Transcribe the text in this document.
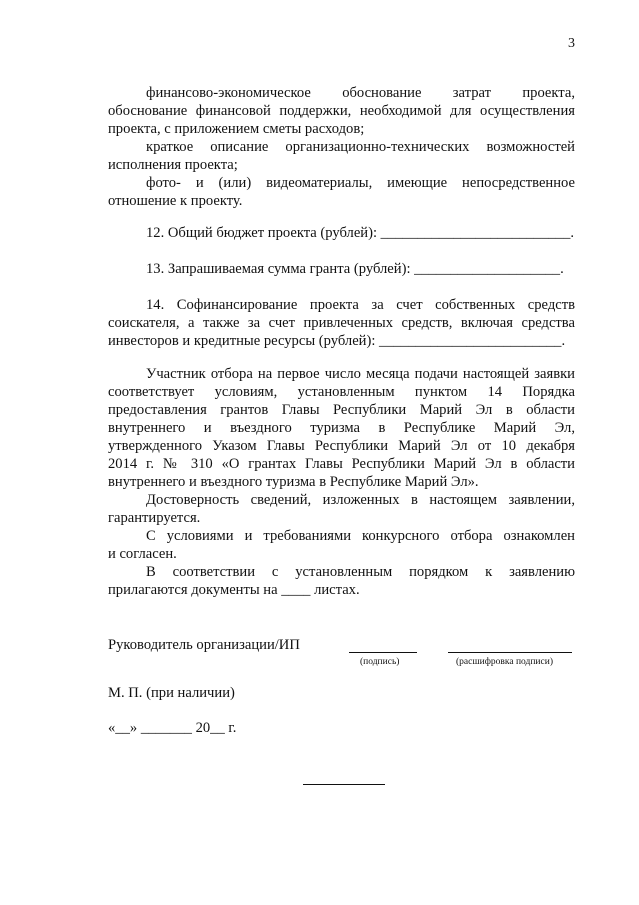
3

финансово-экономическое обоснование затрат проекта,

обоснование финансовой поддержки, необходимой для осуществления

проекта, с приложением сметы расходов;

краткое описание организационно-технических возможностей

исполнения проекта;

фото- и (или) видеоматериалы, имеющие непосредственное

отношение к проекту.

12. Общий бюджет проекта (рублей): __________________________.

13. Запрашиваемая сумма гранта (рублей): ____________________.

14. Софинансирование проекта за счет собственных средств

соискателя, а также за счет привлеченных средств, включая средства

инвесторов и кредитные ресурсы (рублей): _________________________.

Участник отбора на первое число месяца подачи настоящей заявки

соответствует условиям, установленным пунктом 14 Порядка

предоставления грантов Главы Республики Марий Эл в области

внутреннего и въездного туризма в Республике Марий Эл,

утвержденного Указом Главы Республики Марий Эл от 10 декабря

2014 г. № 310 «О грантах Главы Республики Марий Эл в области

внутреннего и въездного туризма в Республике Марий Эл».

Достоверность сведений, изложенных в настоящем заявлении,

гарантируется.

С условиями и требованиями конкурсного отбора ознакомлен

и согласен.

В соответствии с установленным порядком к заявлению

прилагаются документы на ____ листах.

Руководитель организации/ИП
(подпись)	(расшифровка подписи)
М. П. (при наличии)
«__» _______ 20__ г.
